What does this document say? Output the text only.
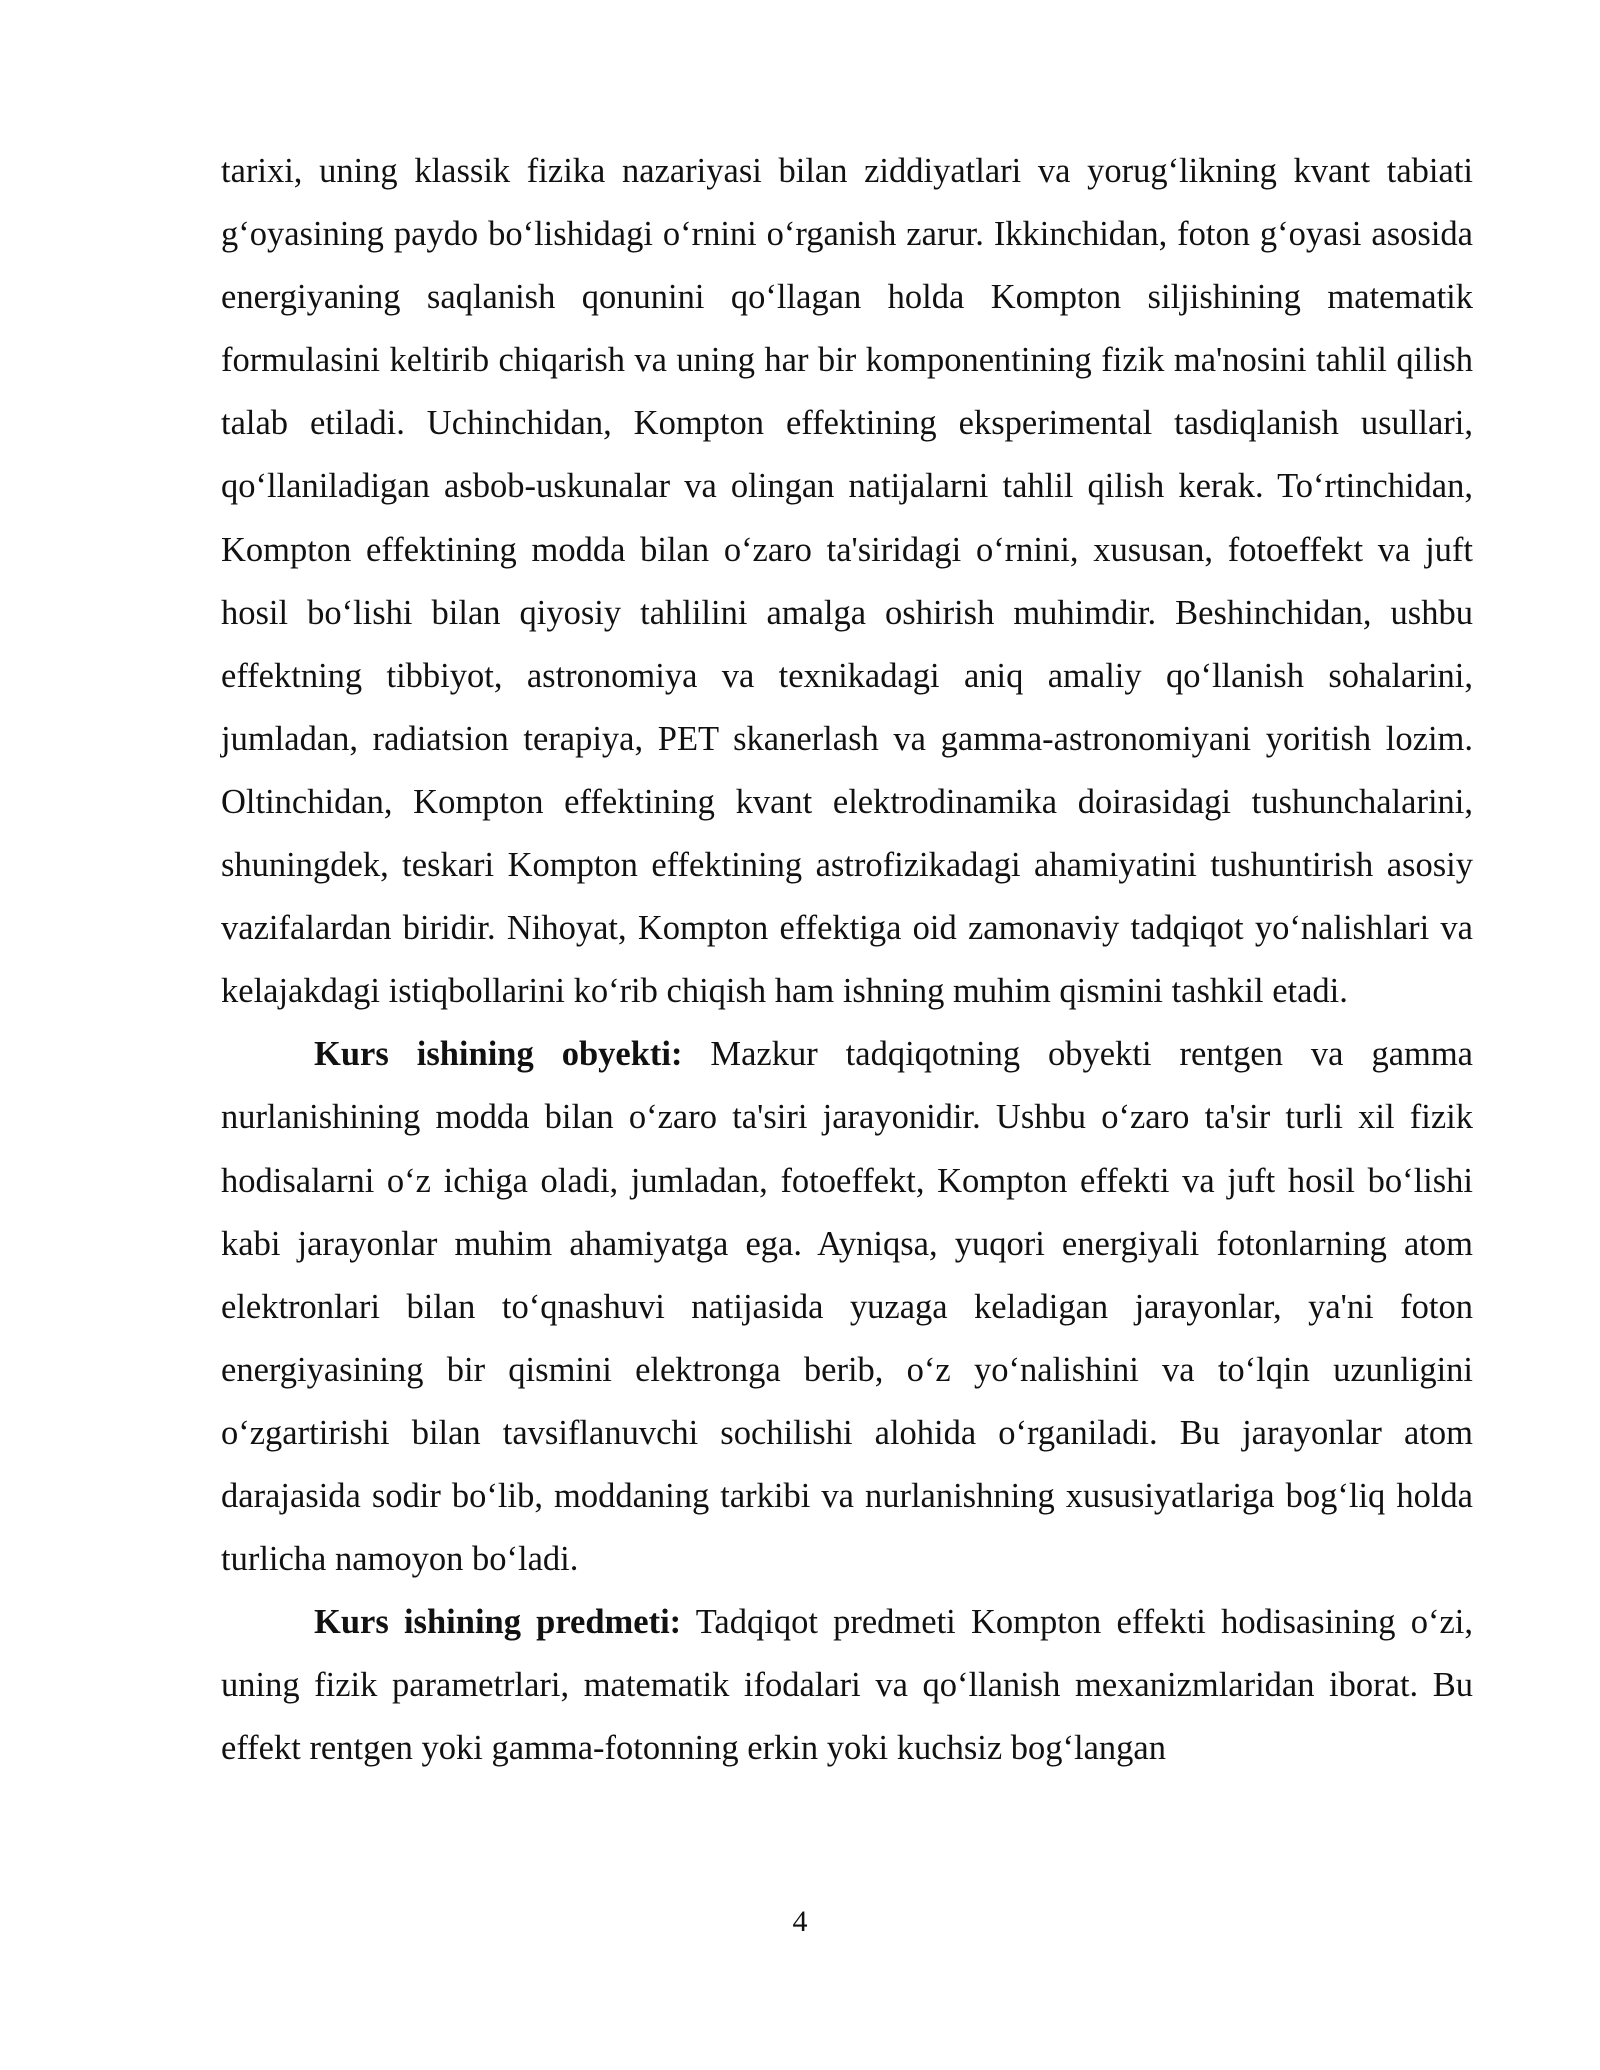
tarixi, uning klassik fizika nazariyasi bilan ziddiyatlari va yorug‘likning kvant tabiati g‘oyasining paydo bo‘lishidagi o‘rnini o‘rganish zarur. Ikkinchidan, foton g‘oyasi asosida energiyaning saqlanish qonunini qo‘llagan holda Kompton siljishining matematik formulasini keltirib chiqarish va uning har bir komponentining fizik ma'nosini tahlil qilish talab etiladi. Uchinchidan, Kompton effektining eksperimental tasdiqlanish usullari, qo‘llaniladigan asbob-uskunalar va olingan natijalarni tahlil qilish kerak. To‘rtinchidan, Kompton effektining modda bilan o‘zaro ta'siridagi o‘rnini, xususan, fotoeffekt va juft hosil bo‘lishi bilan qiyosiy tahlilini amalga oshirish muhimdir. Beshinchidan, ushbu effektning tibbiyot, astronomiya va texnikadagi aniq amaliy qo‘llanish sohalarini, jumladan, radiatsion terapiya, PET skanerlash va gamma-astronomiyani yoritish lozim. Oltinchidan, Kompton effektining kvant elektrodinamika doirasidagi tushunchalarini, shuningdek, teskari Kompton effektining astrofizikadagi ahamiyatini tushuntirish asosiy vazifalardan biridir. Nihoyat, Kompton effektiga oid zamonaviy tadqiqot yo‘nalishlari va kelajakdagi istiqbollarini ko‘rib chiqish ham ishning muhim qismini tashkil etadi.

Kurs ishining obyekti: Mazkur tadqiqotning obyekti rentgen va gamma nurlanishining modda bilan o‘zaro ta'siri jarayonidir. Ushbu o‘zaro ta'sir turli xil fizik hodisalarni o‘z ichiga oladi, jumladan, fotoeffekt, Kompton effekti va juft hosil bo‘lishi kabi jarayonlar muhim ahamiyatga ega. Ayniqsa, yuqori energiyali fotonlarning atom elektronlari bilan to‘qnashuvi natijasida yuzaga keladigan jarayonlar, ya'ni foton energiyasining bir qismini elektronga berib, o‘z yo‘nalishini va to‘lqin uzunligini o‘zgartirishi bilan tavsiflanuvchi sochilishi alohida o‘rganiladi. Bu jarayonlar atom darajasida sodir bo‘lib, moddaning tarkibi va nurlanishning xususiyatlariga bog‘liq holda turlicha namoyon bo‘ladi.

Kurs ishining predmeti: Tadqiqot predmeti Kompton effekti hodisasining o‘zi, uning fizik parametrlari, matematik ifodalari va qo‘llanish mexanizmlaridan iborat. Bu effekt rentgen yoki gamma-fotonning erkin yoki kuchsiz bog‘langan

4
